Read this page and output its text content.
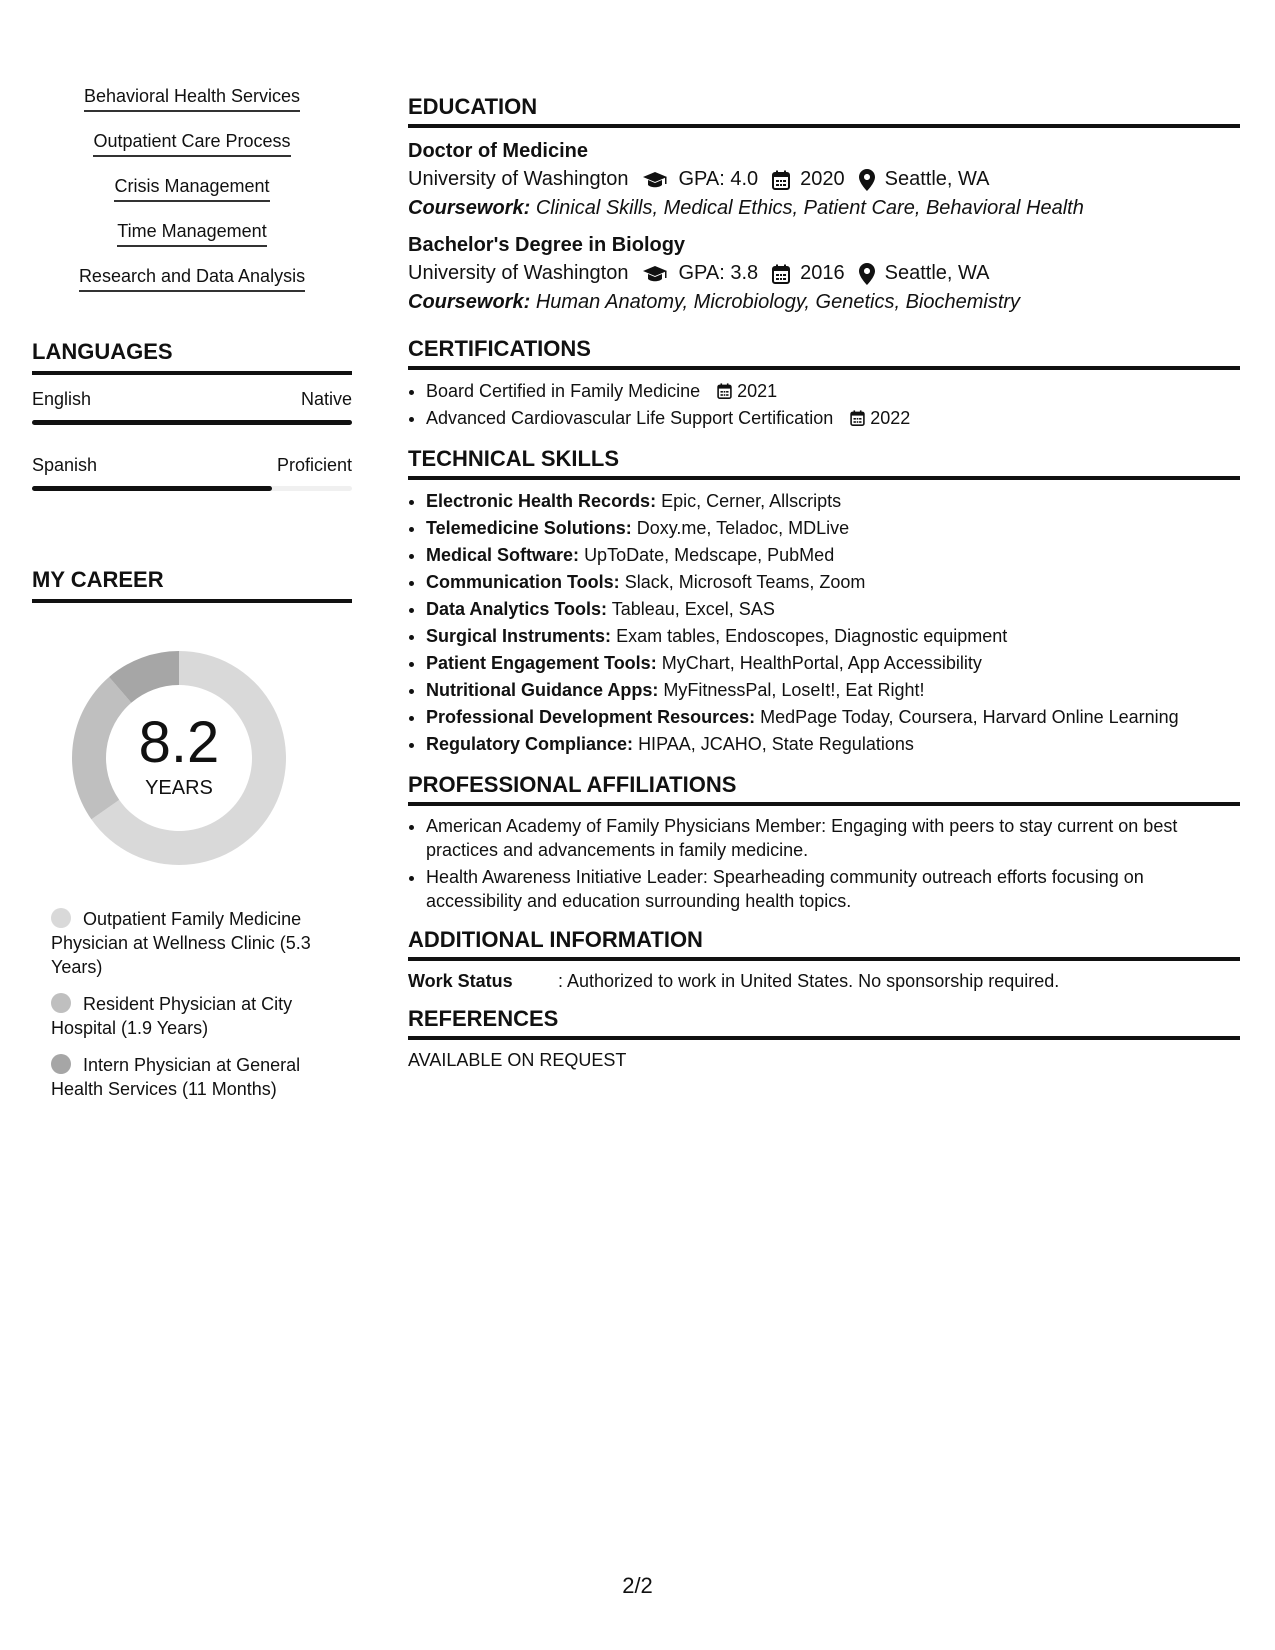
Behavioral Health Services
Outpatient Care Process
Crisis Management
Time Management
Research and Data Analysis
LANGUAGES
English	Native
Spanish	Proficient
MY CAREER
8.2
YEARS
Outpatient Family Medicine Physician at Wellness Clinic (5.3 Years)
Resident Physician at City Hospital (1.9 Years)
Intern Physician at General Health Services (11 Months)
EDUCATION
Doctor of Medicine
University of Washington	GPA: 4.0 2020 Seattle, WA
Coursework: Clinical Skills, Medical Ethics, Patient Care, Behavioral Health
Bachelor's Degree in Biology
University of Washington	GPA: 3.8 2016 Seattle, WA
Coursework: Human Anatomy, Microbiology, Genetics, Biochemistry
CERTIFICATIONS
• Board Certified in Family Medicine 2021
• Advanced Cardiovascular Life Support Certification 2022
TECHNICAL SKILLS
• Electronic Health Records: Epic, Cerner, Allscripts
• Telemedicine Solutions: Doxy.me, Teladoc, MDLive
• Medical Software: UpToDate, Medscape, PubMed
• Communication Tools: Slack, Microsoft Teams, Zoom
• Data Analytics Tools: Tableau, Excel, SAS
• Surgical Instruments: Exam tables, Endoscopes, Diagnostic equipment
• Patient Engagement Tools: MyChart, HealthPortal, App Accessibility
• Nutritional Guidance Apps: MyFitnessPal, LoseIt!, Eat Right!
• Professional Development Resources: MedPage Today, Coursera, Harvard Online Learning
• Regulatory Compliance: HIPAA, JCAHO, State Regulations
PROFESSIONAL AFFILIATIONS
• American Academy of Family Physicians Member: Engaging with peers to stay current on best practices and advancements in family medicine.
• Health Awareness Initiative Leader: Spearheading community outreach efforts focusing on accessibility and education surrounding health topics.
ADDITIONAL INFORMATION
Work Status	: Authorized to work in United States. No sponsorship required.
REFERENCES
AVAILABLE ON REQUEST
2/2
